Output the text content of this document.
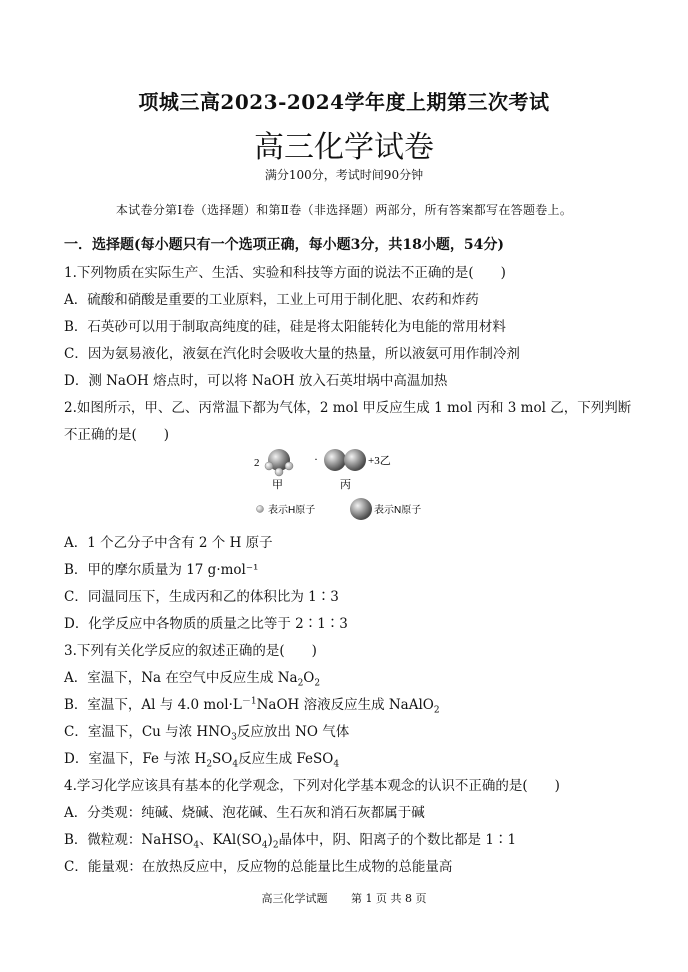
项城三高2023-2024学年度上期第三次考试
高三化学试卷
满分100分，考试时间90分钟
本试卷分第Ⅰ卷（选择题）和第Ⅱ卷（非选择题）两部分，所有答案都写在答题卷上。
一．选择题(每小题只有一个选项正确，每小题3分，共18小题，54分)
1.下列物质在实际生产、生活、实验和科技等方面的说法不正确的是(　　)
A．硫酸和硝酸是重要的工业原料，工业上可用于制化肥、农药和炸药
B．石英砂可以用于制取高纯度的硅，硅是将太阳能转化为电能的常用材料
C．因为氨易液化，液氨在汽化时会吸收大量的热量，所以液氨可用作制冷剂
D．测 NaOH 熔点时，可以将 NaOH 放入石英坩埚中高温加热
2.如图所示，甲、乙、丙常温下都为气体，2 mol 甲反应生成 1 mol 丙和 3 mol 乙，下列判断
不正确的是(　　)
2	·	+3乙
甲	丙
表示H原子	表示N原子
A．1 个乙分子中含有 2 个 H 原子
B．甲的摩尔质量为 17 g·mol⁻¹
C．同温同压下，生成丙和乙的体积比为 1∶3
D．化学反应中各物质的质量之比等于 2∶1∶3
3.下列有关化学反应的叙述正确的是(　　)
A．室温下，Na 在空气中反应生成 $Na_2O_2$
B．室温下，Al 与 4.0 $mol\cdot L^{-1}NaOH$ 溶液反应生成 NaAlO$_2$
C．室温下，Cu 与浓 $HNO_3$反应放出 NO 气体
D．室温下，Fe 与浓 $H_2SO_4$反应生成 FeSO$_4$
4.学习化学应该具有基本的化学观念，下列对化学基本观念的认识不正确的是(　　)
A．分类观：纯碱、烧碱、泡花碱、生石灰和消石灰都属于碱
B．微粒观：NaHSO$_4$、$KAl(SO_4)_2$晶体中，阴、阳离子的个数比都是 1∶1
C．能量观：在放热反应中，反应物的总能量比生成物的总能量高
高三化学试题 第 1 页 共 8 页
